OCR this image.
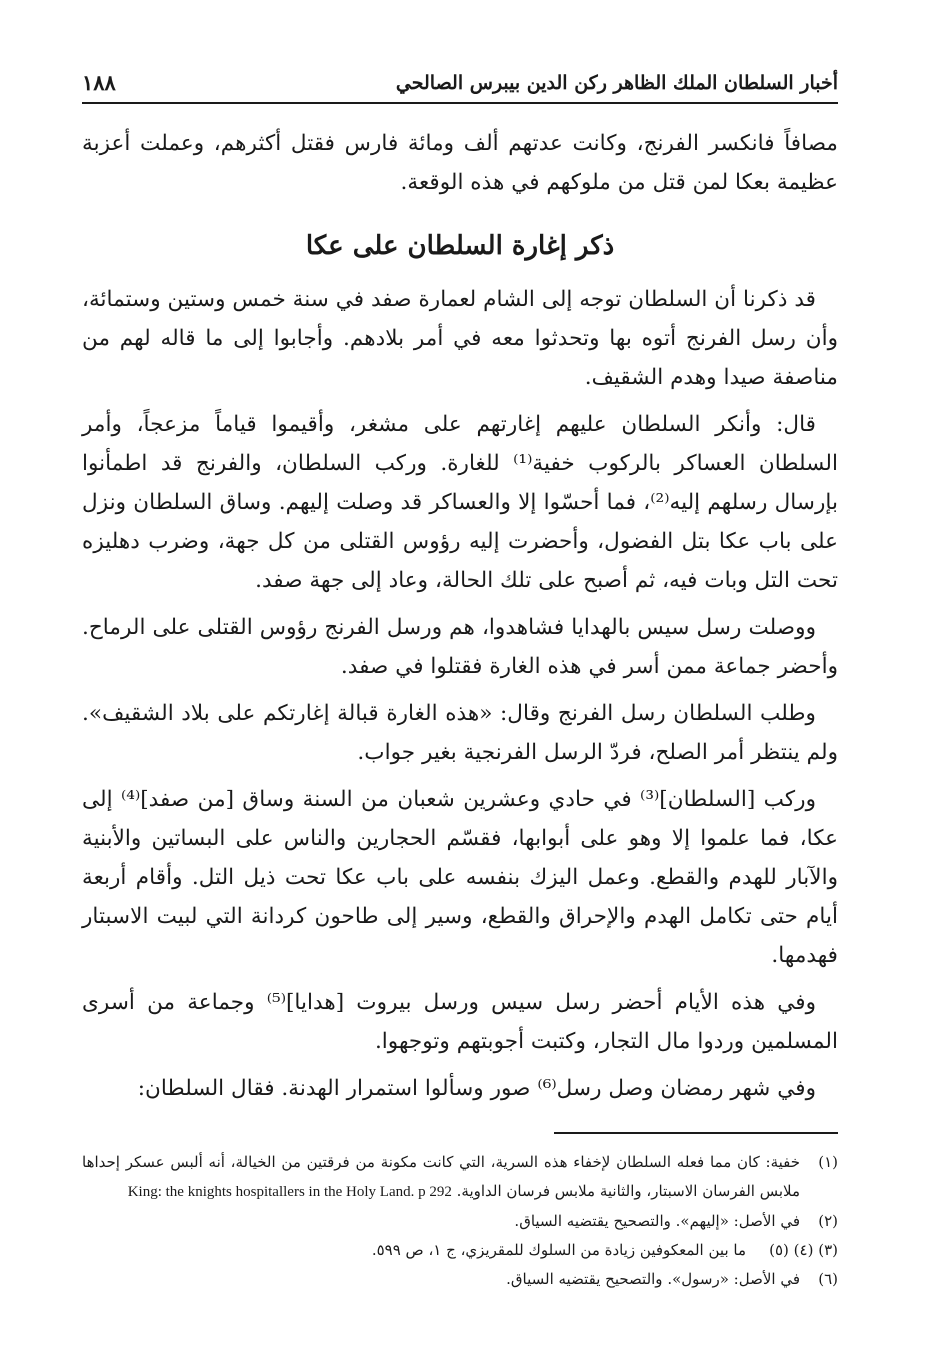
أخبار السلطان الملك الظاهر ركن الدين بيبرس الصالحي
١٨٨

مصافاً فانكسر الفرنج، وكانت عدتهم ألف ومائة فارس فقتل أكثرهم، وعملت أعزبة عظيمة بعكا لمن قتل من ملوكهم في هذه الوقعة.

ذكر إغارة السلطان على عكا

قد ذكرنا أن السلطان توجه إلى الشام لعمارة صفد في سنة خمس وستين وستمائة، وأن رسل الفرنج أتوه بها وتحدثوا معه في أمر بلادهم. وأجابوا إلى ما قاله لهم من مناصفة صيدا وهدم الشقيف.

قال: وأنكر السلطان عليهم إغارتهم على مشغر، وأقيموا قياماً مزعجاً، وأمر السلطان العساكر بالركوب خفية⁽¹⁾ للغارة. وركب السلطان، والفرنج قد اطمأنوا بإرسال رسلهم إليه⁽²⁾، فما أحسّوا إلا والعساكر قد وصلت إليهم. وساق السلطان ونزل على باب عكا بتل الفضول، وأحضرت إليه رؤوس القتلى من كل جهة، وضرب دهليزه تحت التل وبات فيه، ثم أصبح على تلك الحالة، وعاد إلى جهة صفد.

ووصلت رسل سيس بالهدايا فشاهدوا، هم ورسل الفرنج رؤوس القتلى على الرماح. وأحضر جماعة ممن أسر في هذه الغارة فقتلوا في صفد.

وطلب السلطان رسل الفرنج وقال: «هذه الغارة قبالة إغارتكم على بلاد الشقيف». ولم ينتظر أمر الصلح، فردّ الرسل الفرنجية بغير جواب.

وركب [السلطان]⁽³⁾ في حادي وعشرين شعبان من السنة وساق [من صفد]⁽⁴⁾ إلى عكا، فما علموا إلا وهو على أبوابها، فقسّم الحجارين والناس على البساتين والأبنية والآبار للهدم والقطع. وعمل اليزك بنفسه على باب عكا تحت ذيل التل. وأقام أربعة أيام حتى تكامل الهدم والإحراق والقطع، وسير إلى طاحون كردانة التي لبيت الاسبتار فهدمها.

وفي هذه الأيام أحضر رسل سيس ورسل بيروت [هدايا]⁽⁵⁾ وجماعة من أسرى المسلمين وردوا مال التجار، وكتبت أجوبتهم وتوجهوا.

وفي شهر رمضان وصل رسل⁽⁶⁾ صور وسألوا استمرار الهدنة. فقال السلطان:

(١)
خفية: كان مما فعله السلطان لإخفاء هذه السرية، التي كانت مكونة من فرقتين من الخيالة، أنه ألبس عسكر إحداها ملابس الفرسان الاسبتار، والثانية ملابس فرسان الداوية. King: the knights hospitallers in the Holy Land. p 292
(٢)
في الأصل: «إليهم». والتصحيح يقتضيه السياق.
(٣) (٤) (٥)
ما بين المعكوفين زيادة من السلوك للمقريزي، ج ١، ص ٥٩٩.
(٦)
في الأصل: «رسول». والتصحيح يقتضيه السياق.
